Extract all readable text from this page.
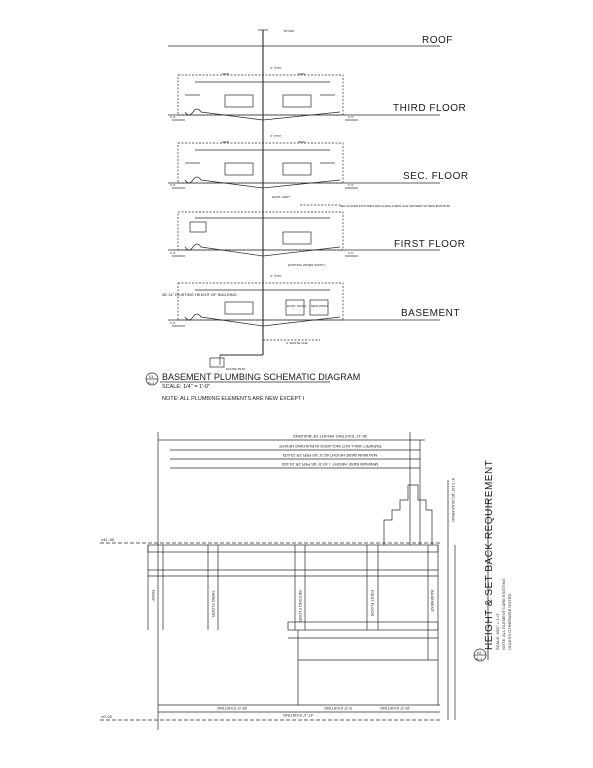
ROOF
THIRD FLOOR
SEC. FLOOR
FIRST FLOOR
BASEMENT
BYVEN
4" (TYP)
NEW	NEW
4" (TYP)
NEW	NEW
4" (TYP)
C.O.	C.O.
C.O.	C.O.
C.O.	C.O.
C.O.
EXIST. VENT
RELOCATED FIXTURES RELOCATE & REPLACE SHOWER W/ NEW BATHTUB
EXISTING WATER SUPPLY
EXIST. WASH NEW WASH
4" WASTE LINE
HOUSE TRAP
01
A-1
BASEMENT PLUMBING SCHEMATIC DIAGRAM
SCALE: 1/4" = 1'-0"
NOTE: ALL PLUMBING ELEMENTS ARE NEW EXCEPT I
36'-11" EXISTING HEIGHT OF BUILDING
36'-11" EXISTING HEIGHT OF BUILDING
PARAPET WALL NOT INCLUDED IN BUILDING HEIGHT
MAXIMUM BASE HEIGHT 60'-0" AS PER ZR 23-633
MINIMUM BASE HEIGHT = 40'-0" AS PER ZR 23-633
ROOF	THIRD FLOOR	SECOND FLOOR	FIRST FLOOR	BASEMENT
±41'-00
±0'-00
6'-3 1/2" (E) BULKHEAD
25'-0" EXISTING	5'-0" EXISTING	15'-0" EXISTING
47'-4" EXISTING
HEIGHT & SET BACK REQUIREMENT SCALE: 3/32" = 1'-0" NOTE: ALL ELEMENTS ARE EXISTING UNLESS OTHERWISE NOTED
02
A-1
